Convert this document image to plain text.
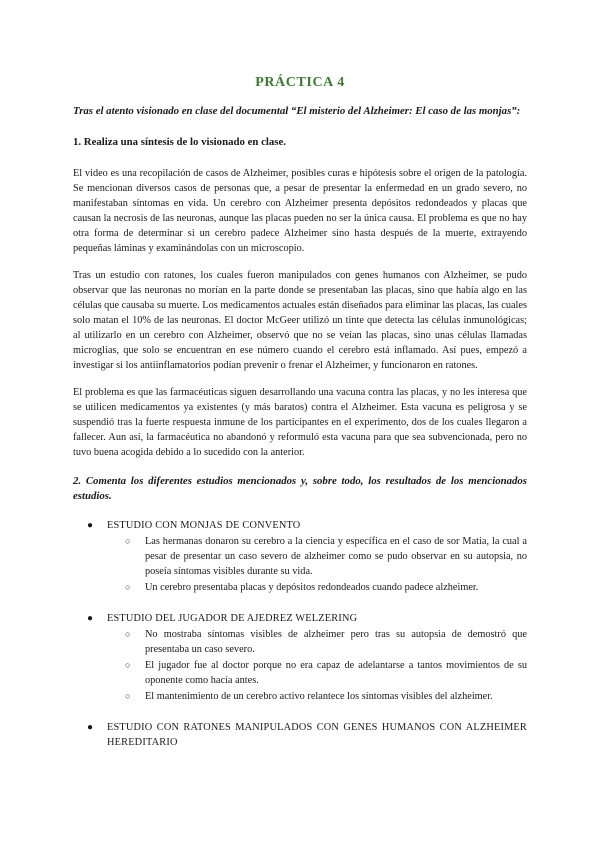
PRÁCTICA 4

Tras el atento visionado en clase del documental “El misterio del Alzheimer: El caso de las monjas”:

1. Realiza una síntesis de lo visionado en clase.

El video es una recopilación de casos de Alzheimer, posibles curas e hipótesis sobre el origen de la patología. Se mencionan diversos casos de personas que, a pesar de presentar la enfermedad en un grado severo, no manifestaban síntomas en vida. Un cerebro con Alzheimer presenta depósitos redondeados y placas que causan la necrosis de las neuronas, aunque las placas pueden no ser la única causa. El problema es que no hay otra forma de determinar si un cerebro padece Alzheimer sino hasta después de la muerte, extrayendo pequeñas láminas y examinándolas con un microscopio.

Tras un estudio con ratones, los cuales fueron manipulados con genes humanos con Alzheimer, se pudo observar que las neuronas no morían en la parte donde se presentaban las placas, sino que había algo en las células que causaba su muerte. Los medicamentos actuales están diseñados para eliminar las placas, las cuales solo matan el 10% de las neuronas. El doctor McGeer utilizó un tinte que detecta las células inmunológicas; al utilizarlo en un cerebro con Alzheimer, observó que no se veían las placas, sino unas células llamadas microglías, que solo se encuentran en ese número cuando el cerebro está inflamado. Así pues, empezó a investigar si los antiinflamatorios podían prevenir o frenar el Alzheimer, y funcionaron en ratones.

El problema es que las farmacéuticas siguen desarrollando una vacuna contra las placas, y no les interesa que se utilicen medicamentos ya existentes (y más baratos) contra el Alzheimer. Esta vacuna es peligrosa y se suspendió tras la fuerte respuesta inmune de los participantes en el experimento, dos de los cuales llegaron a fallecer. Aun así, la farmacéutica no abandonó y reformuló esta vacuna para que sea subvencionada, pero no tuvo buena acogida debido a lo sucedido con la anterior.

2. Comenta los diferentes estudios mencionados y, sobre todo, los resultados de los mencionados estudios.

● ESTUDIO CON MONJAS DE CONVENTO
○ Las hermanas donaron su cerebro a la ciencia y específica en el caso de sor Matia, la cual a pesar de presentar un caso severo de alzheimer como se pudo observar en su autopsia, no poseía síntomas visibles durante su vida.
○ Un cerebro presentaba placas y depósitos redondeados cuando padece alzheimer.
● ESTUDIO DEL JUGADOR DE AJEDREZ WELZERING
○ No mostraba síntomas visibles de alzheimer pero tras su autopsia de demostró que presentaba un caso severo.
○ El jugador fue al doctor porque no era capaz de adelantarse a tantos movimientos de su oponente como hacía antes.
○ El mantenimiento de un cerebro activo relantece los síntomas visibles del alzheimer.
● ESTUDIO CON RATONES MANIPULADOS CON GENES HUMANOS CON ALZHEIMER HEREDITARIO
